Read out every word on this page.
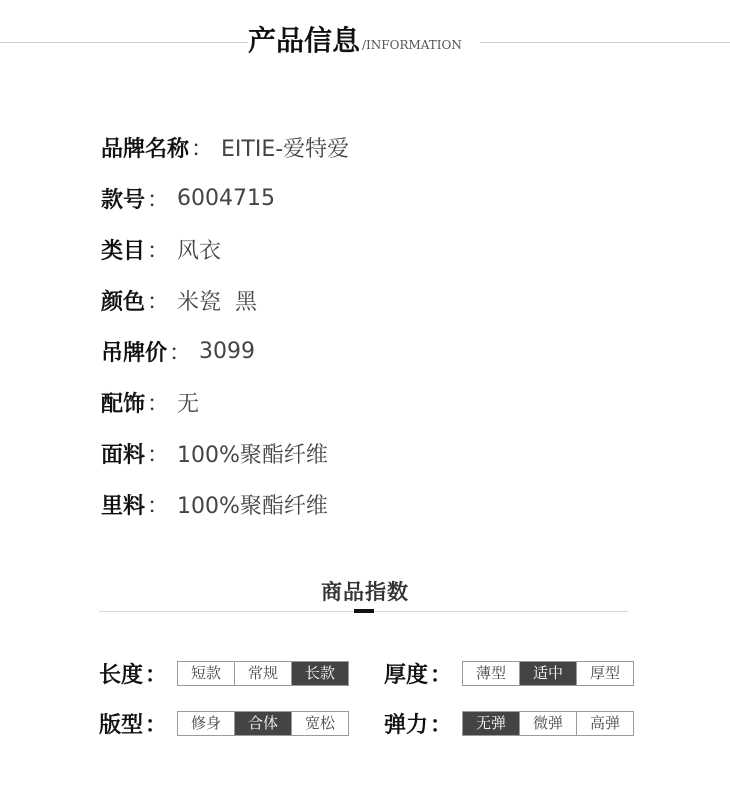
产品信息 /INFORMATION
品牌名称 ： EITIE-爱特爱
款号 ： 6004715
类目 ： 风衣
颜色 ： 米瓷  黑
吊牌价 ： 3099
配饰 ： 无
面料 ： 100%聚酯纤维
里料 ： 100%聚酯纤维
商品指数
长度 ：	短款	常规	长款	厚度 ：	薄型	适中	厚型
版型 ：	修身	合体	宽松	弹力 ：	无弹	微弹	高弹
